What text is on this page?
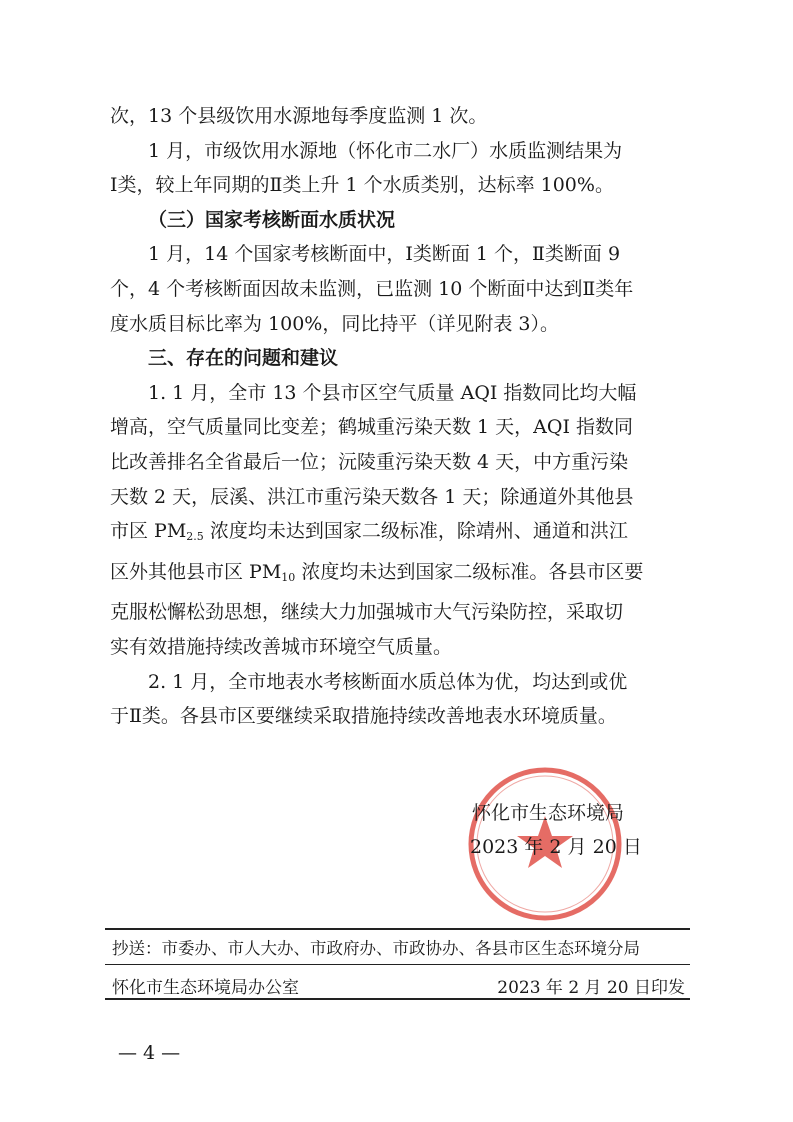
次，13 个县级饮用水源地每季度监测 1 次。
1 月，市级饮用水源地（怀化市二水厂）水质监测结果为
Ⅰ类，较上年同期的Ⅱ类上升 1 个水质类别，达标率 100%。
（三）国家考核断面水质状况
1 月，14 个国家考核断面中，Ⅰ类断面 1 个，Ⅱ类断面 9
个，4 个考核断面因故未监测，已监测 10 个断面中达到Ⅱ类年
度水质目标比率为 100%，同比持平（详见附表 3）。
三、存在的问题和建议
1. 1 月，全市 13 个县市区空气质量 AQI 指数同比均大幅
增高，空气质量同比变差；鹤城重污染天数 1 天，AQI 指数同
比改善排名全省最后一位；沅陵重污染天数 4 天，中方重污染
天数 2 天，辰溪、洪江市重污染天数各 1 天；除通道外其他县
市区 $PM_{2.5}$ 浓度均未达到国家二级标准，除靖州、通道和洪江
区外其他县市区 $PM_{10}$ 浓度均未达到国家二级标准。各县市区要
克服松懈松劲思想，继续大力加强城市大气污染防控，采取切
实有效措施持续改善城市环境空气质量。
2. 1 月，全市地表水考核断面水质总体为优，均达到或优
于Ⅱ类。各县市区要继续采取措施持续改善地表水环境质量。
怀化市生态环境局
2023 年 2 月 20 日
抄送：市委办、市人大办、市政府办、市政协办、各县市区生态环境分局
怀化市生态环境局办公室	2023 年 2 月 20 日印发
— 4 —
